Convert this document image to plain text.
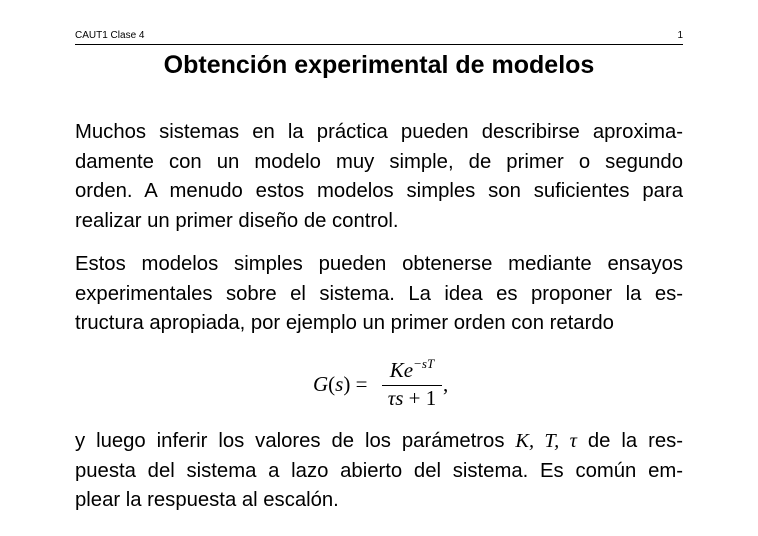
CAUT1 Clase 4	1
Obtención experimental de modelos
Muchos sistemas en la práctica pueden describirse aproxima-
damente con un modelo muy simple, de primer o segundo
orden. A menudo estos modelos simples son suficientes para
realizar un primer diseño de control.
Estos modelos simples pueden obtenerse mediante ensayos
experimentales sobre el sistema. La idea es proponer la es-
tructura apropiada, por ejemplo un primer orden con retardo
G(s) =
$Ke^{-sT}$
τs + 1
,
y luego inferir los valores de los parámetros K, T, τ de la res-
puesta del sistema a lazo abierto del sistema. Es común em-
plear la respuesta al escalón.
